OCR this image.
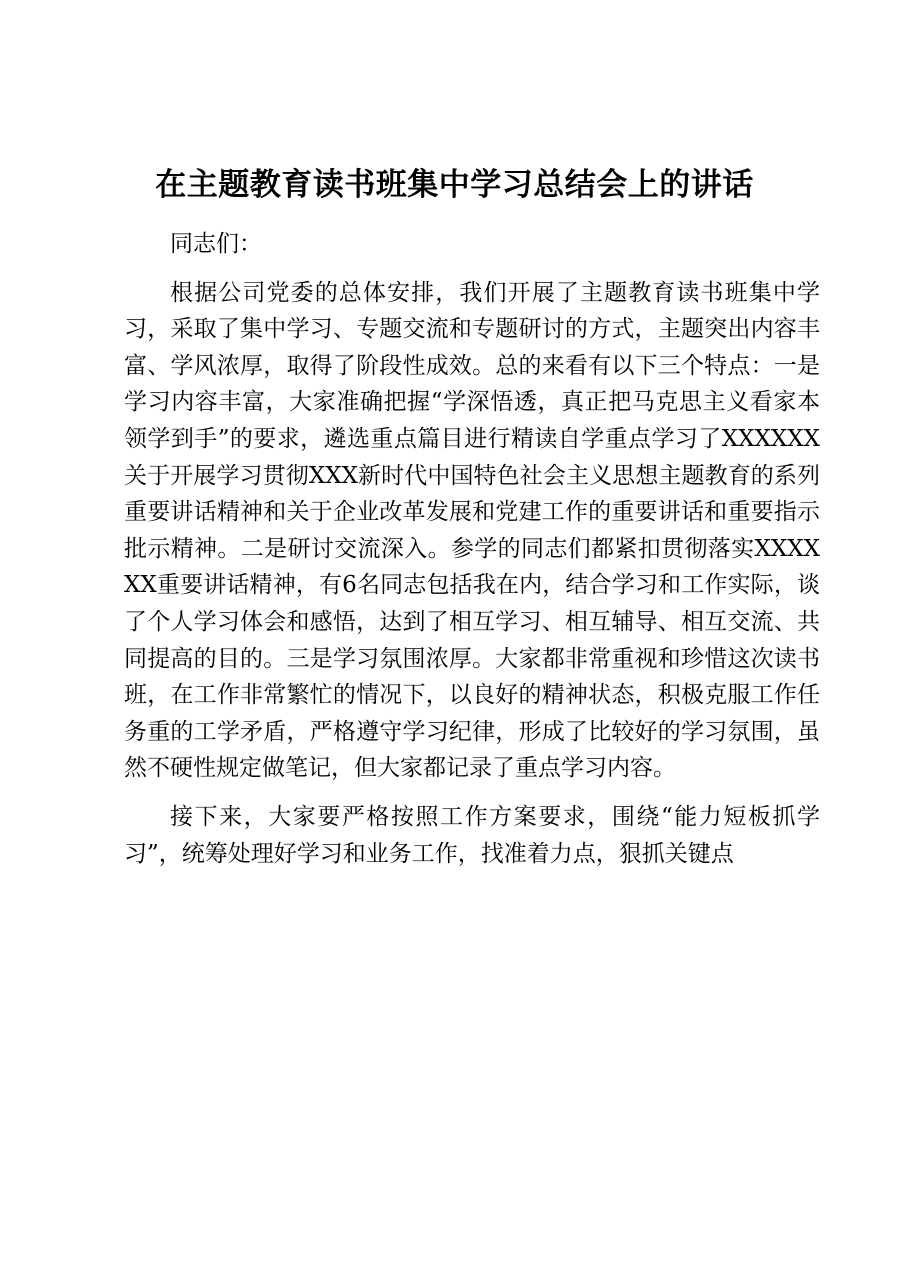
在主题教育读书班集中学习总结会上的讲话

同志们：

根据公司党委的总体安排，我们开展了主题教育读书班集中学习，采取了集中学习、专题交流和专题研讨的方式，主题突出内容丰富、学风浓厚，取得了阶段性成效。总的来看有以下三个特点：一是学习内容丰富，大家准确把握“学深悟透，真正把马克思主义看家本领学到手”的要求，遴选重点篇目进行精读自学重点学习了XXXXXX关于开展学习贯彻XXX新时代中国特色社会主义思想主题教育的系列重要讲话精神和关于企业改革发展和党建工作的重要讲话和重要指示批示精神。二是研讨交流深入。参学的同志们都紧扣贯彻落实XXXXXX重要讲话精神，有6名同志包括我在内，结合学习和工作实际，谈了个人学习体会和感悟，达到了相互学习、相互辅导、相互交流、共同提高的目的。三是学习氛围浓厚。大家都非常重视和珍惜这次读书班，在工作非常繁忙的情况下，以良好的精神状态，积极克服工作任务重的工学矛盾，严格遵守学习纪律，形成了比较好的学习氛围，虽然不硬性规定做笔记，但大家都记录了重点学习内容。

接下来，大家要严格按照工作方案要求，围绕“能力短板抓学习”，统筹处理好学习和业务工作，找准着力点，狠抓关键点
